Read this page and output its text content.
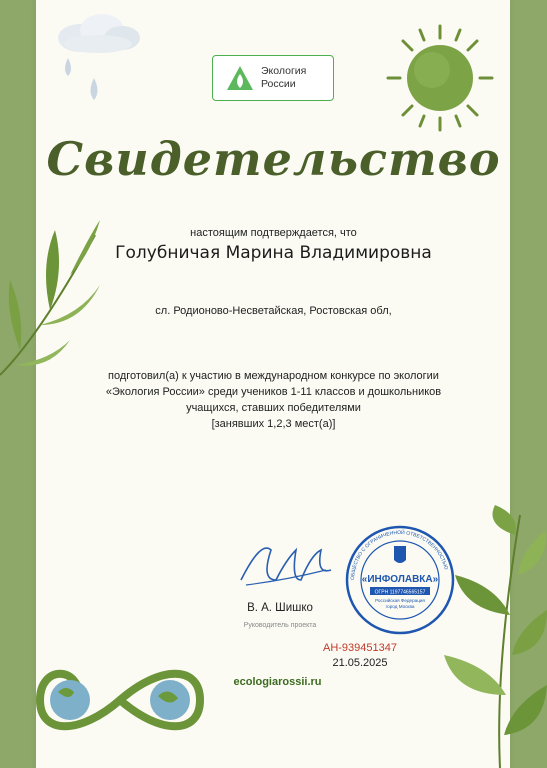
Экология
России
Свидетельство
настоящим подтверждается, что
Голубничая Марина Владимировна
сл. Родионово-Несветайская, Ростовская обл,
подготовил(а) к участию в международном конкурсе по экологии
«Экология России» среди учеников 1-11 классов и дошкольников
учащихся, ставших победителями
[занявших 1,2,3 мест(а)]
В. А. Шишко
Руководитель проекта
ОБЩЕСТВО С ОГРАНИЧЕННОЙ ОТВЕТСТВЕННОСТЬЮ
«ИНФОЛАВКА»
ОГРН 1197746565157
Российская Федерация
город Москва
АН-939451347
21.05.2025
ecologiarossii.ru
